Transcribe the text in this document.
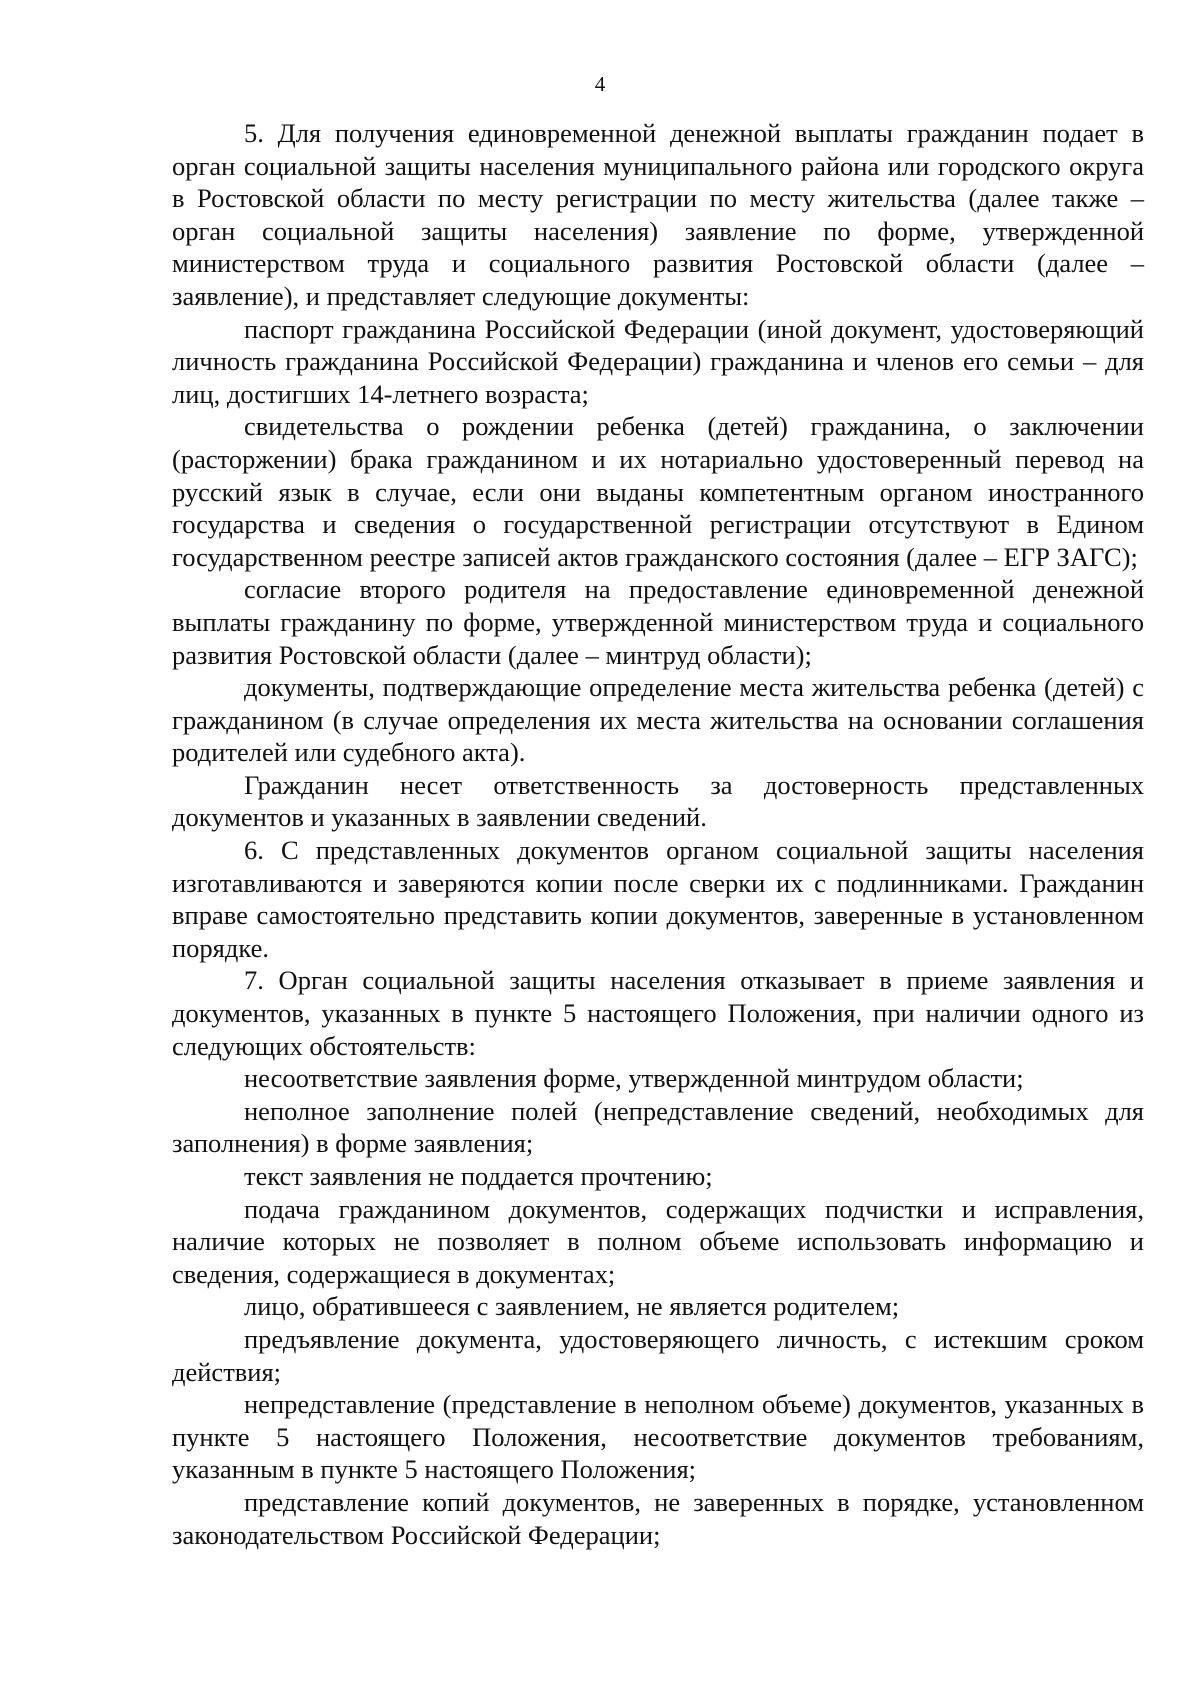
4

5. Для получения единовременной денежной выплаты гражданин подает в орган социальной защиты населения муниципального района или городского округа в Ростовской области по месту регистрации по месту жительства (далее также – орган социальной защиты населения) заявление по форме, утвержденной министерством труда и социального развития Ростовской области (далее – заявление), и представляет следующие документы:

паспорт гражданина Российской Федерации (иной документ, удостоверяющий личность гражданина Российской Федерации) гражданина и членов его семьи – для лиц, достигших 14-летнего возраста;

свидетельства о рождении ребенка (детей) гражданина, о заключении (расторжении) брака гражданином и их нотариально удостоверенный перевод на русский язык в случае, если они выданы компетентным органом иностранного государства и сведения о государственной регистрации отсутствуют в Едином государственном реестре записей актов гражданского состояния (далее – ЕГР ЗАГС);

согласие второго родителя на предоставление единовременной денежной выплаты гражданину по форме, утвержденной министерством труда и социального развития Ростовской области (далее – минтруд области);

документы, подтверждающие определение места жительства ребенка (детей) с гражданином (в случае определения их места жительства на основании соглашения родителей или судебного акта).

Гражданин несет ответственность за достоверность представленных документов и указанных в заявлении сведений.

6. С представленных документов органом социальной защиты населения изготавливаются и заверяются копии после сверки их с подлинниками. Гражданин вправе самостоятельно представить копии документов, заверенные в установленном порядке.

7. Орган социальной защиты населения отказывает в приеме заявления и документов, указанных в пункте 5 настоящего Положения, при наличии одного из следующих обстоятельств:

несоответствие заявления форме, утвержденной минтрудом области;

неполное заполнение полей (непредставление сведений, необходимых для заполнения) в форме заявления;

текст заявления не поддается прочтению;

подача гражданином документов, содержащих подчистки и исправления, наличие которых не позволяет в полном объеме использовать информацию и сведения, содержащиеся в документах;

лицо, обратившееся с заявлением, не является родителем;

предъявление документа, удостоверяющего личность, с истекшим сроком действия;

непредставление (представление в неполном объеме) документов, указанных в пункте 5 настоящего Положения, несоответствие документов требованиям, указанным в пункте 5 настоящего Положения;

представление копий документов, не заверенных в порядке, установленном законодательством Российской Федерации;
